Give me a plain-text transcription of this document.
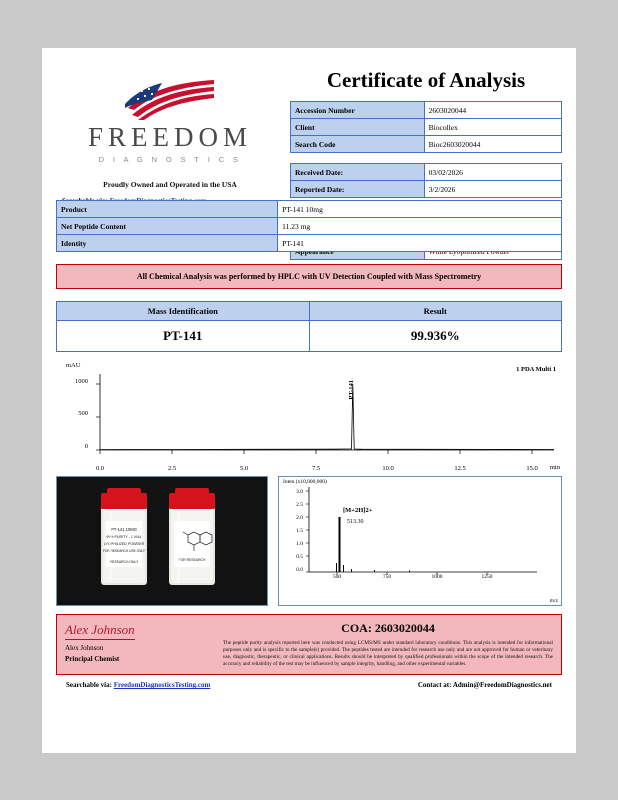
FREEDOM
D I A G N O S T I C S
Proudly Owned and Operated in the USA
Certificate of Analysis
Accession Number	2603020044
Client	Biocollex
Search Code	Bioc2603020044
Received Date:	03/02/2026
Reported Date:	3/2/2026

Product	PT-141 10mg
Net Peptide Content	11.23 mg
Identity	PT-141
All Chemical Analysis was performed by HPLC with UV Detection Coupled with Mass Spectrometry
Mass Identification	Result
PT-141	99.936%
mAU
1 PDA Multi 1
min
1000
500
0
PT-141
0.0	2.5	5.0	7.5	10.0	12.5	15.0
PT-141 10MG
99% PURITY - 1 VIAL
LYOPHILIZED POWDER
FOR RESEARCH USE ONLY
RESEARCH ONLY	FOR RESEARCH
Inten (x10,000,000)
3.0
2.5
2.0
1.5
1.0
0.5
0.0
[M+2H]2+
513.30
500	750	1000	1250
m/z
Alex Johnson
Alex Johnson
Principal Chemist
COA: 2603020044
The peptide purity analysis reported here was conducted using LCMS/MS under standard laboratory conditions. This analysis is intended for informational purposes only and is specific to the sample(s) provided. The peptides tested are intended for research use only and are not approved for human or veterinary use, diagnostic, therapeutic, or clinical applications. Results should be interpreted by qualified professionals within the scope of the intended research. The accuracy and reliability of the test may be influenced by sample integrity, handling, and other experimental variables.
Searchable via: FreedomDiagnosticsTesting.com	Contact at: Admin@FreedomDiagnostics.net
